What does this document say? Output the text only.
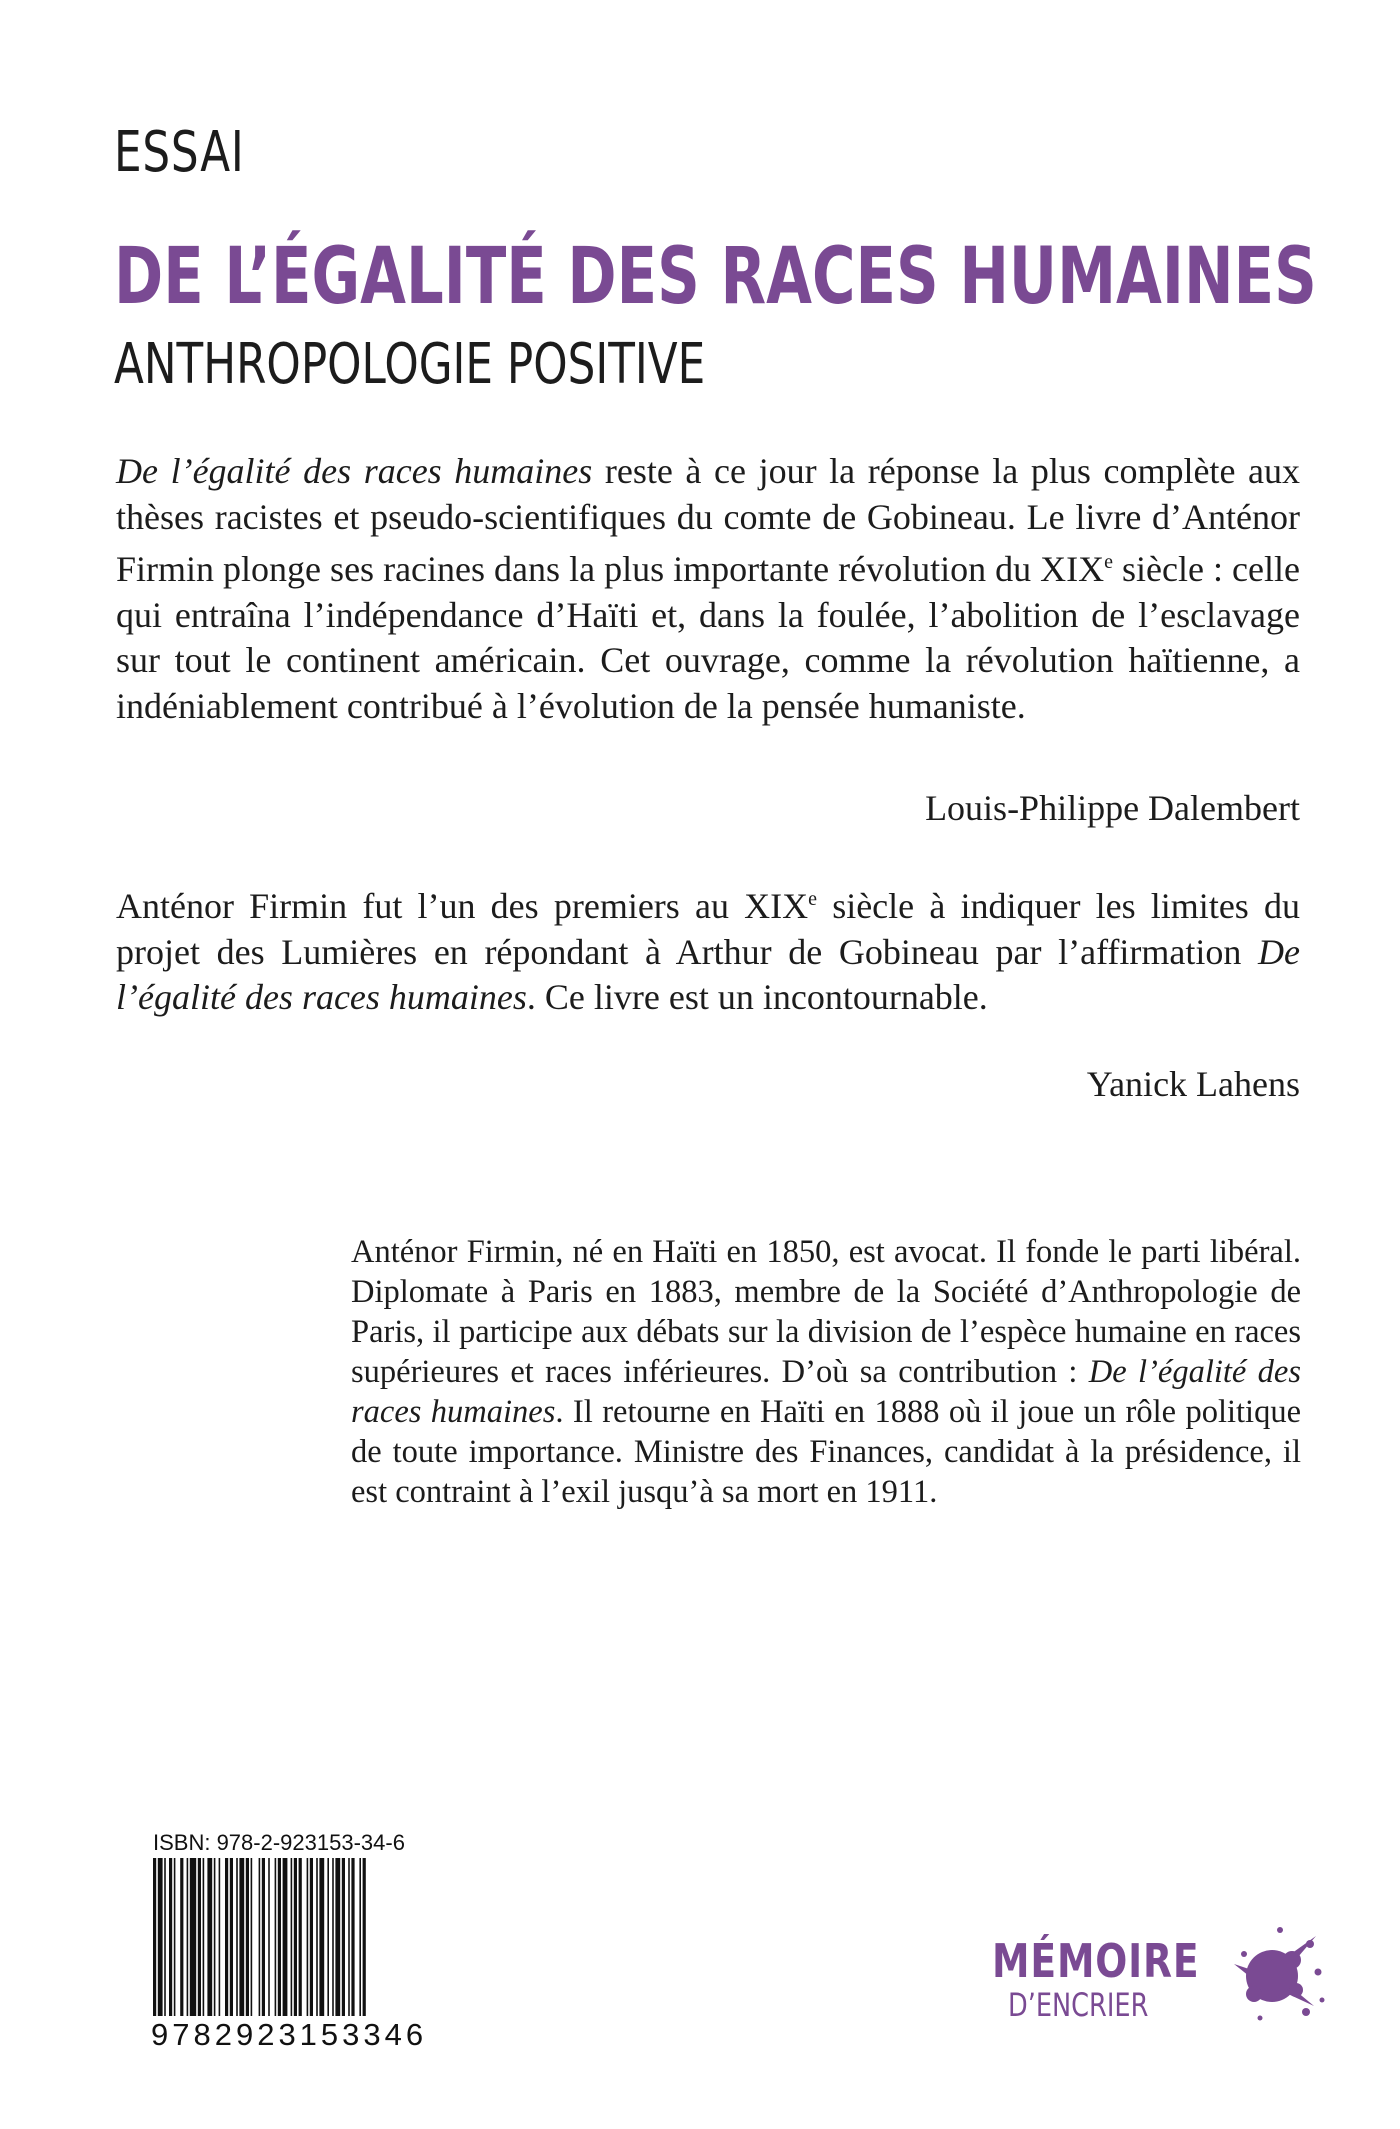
ESSAI
DE L’ÉGALITÉ DES RACES HUMAINES
ANTHROPOLOGIE POSITIVE

De l’égalité des races humaines reste à ce jour la réponse la plus complète aux thèses racistes et pseudo-scientifiques du comte de Gobineau. Le livre d’Anténor Firmin plonge ses racines dans la plus importante révolution du XIXe siècle : celle qui entraîna l’indépendance d’Haïti et, dans la foulée, l’abolition de l’esclavage sur tout le continent américain. Cet ouvrage, comme la révolution haïtienne, a indéniablement contribué à l’évolution de la pensée humaniste.

Louis-Philippe Dalembert

Anténor Firmin fut l’un des premiers au XIXe siècle à indiquer les limites du projet des Lumières en répondant à Arthur de Gobineau par l’affirmation De l’égalité des races humaines. Ce livre est un incontournable.

Yanick Lahens

Anténor Firmin, né en Haïti en 1850, est avocat. Il fonde le parti libéral. Diplomate à Paris en 1883, membre de la Société d’Anthropologie de Paris, il participe aux débats sur la division de l’espèce humaine en races supérieures et races inférieures. D’où sa contribution : De l’égalité des races humaines. Il retourne en Haïti en 1888 où il joue un rôle politique de toute importance. Ministre des Finances, candidat à la présidence, il est contraint à l’exil jusqu’à sa mort en 1911.

ISBN: 978-2-923153-34-6
9782923153346
MÉMOIRE
D’ENCRIER
